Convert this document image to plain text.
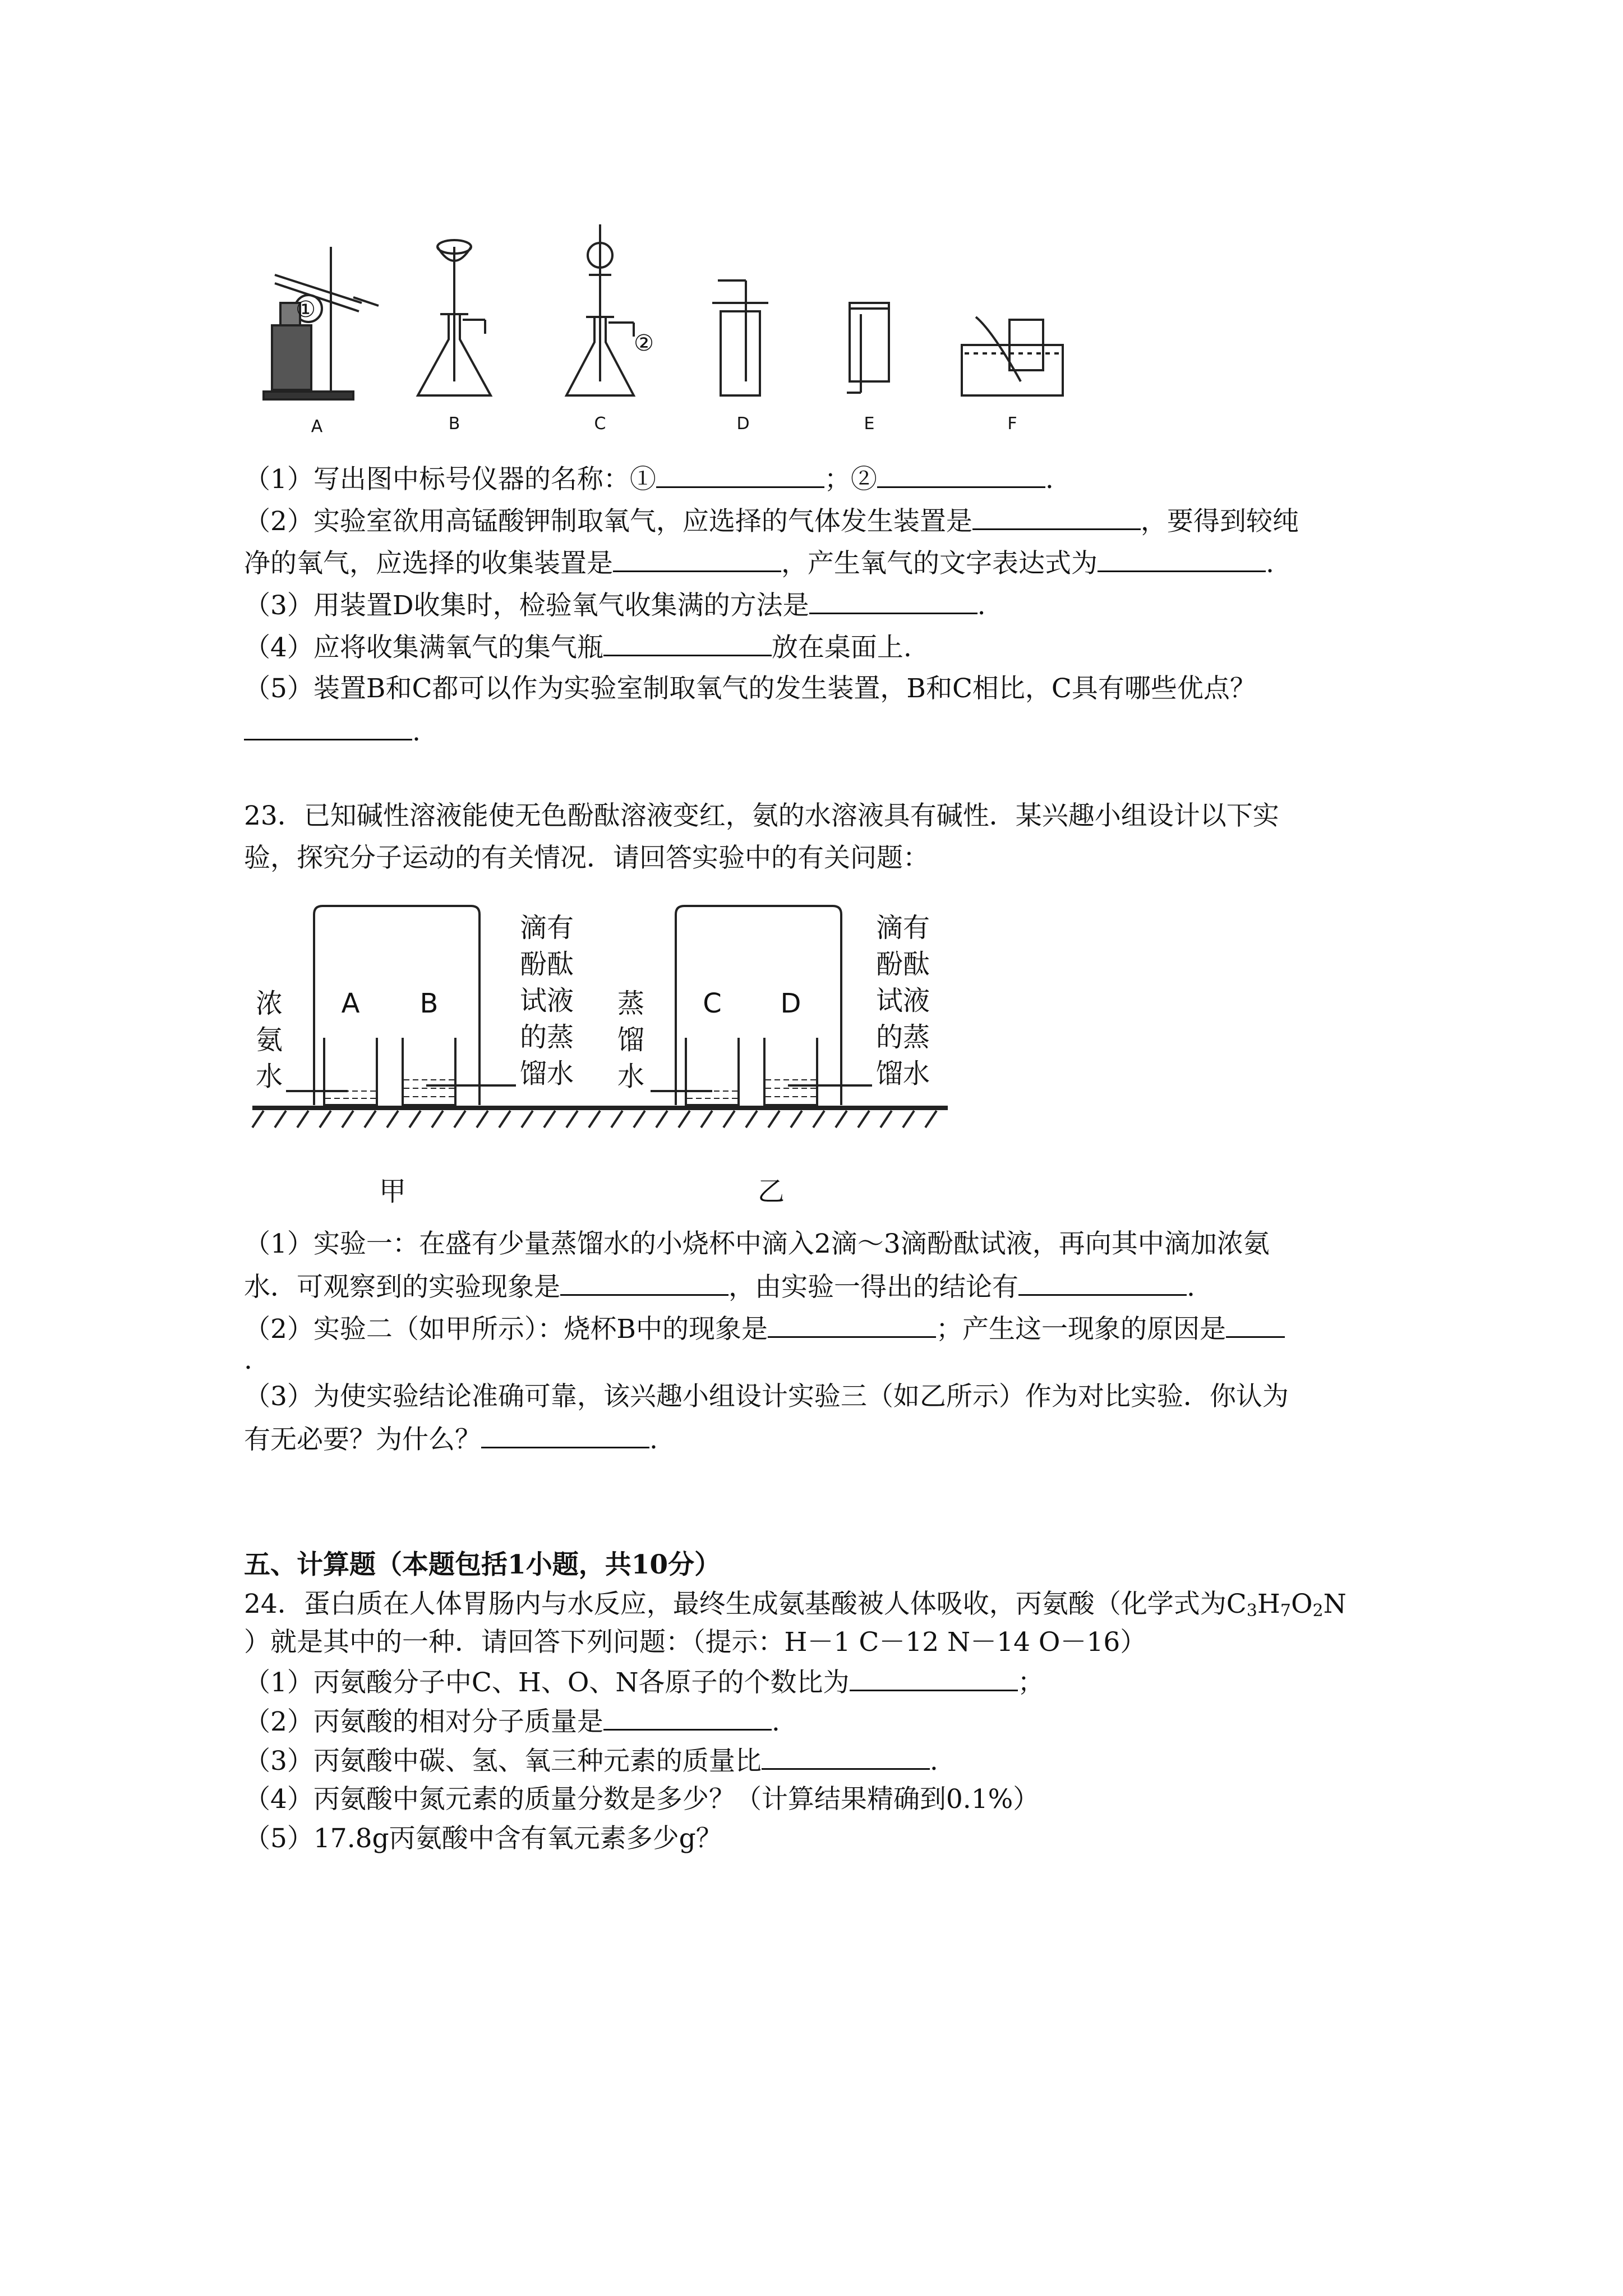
①
②
A	B	C	D	E	F
（1）写出图中标号仪器的名称：①	；②	.
（2）实验室欲用高锰酸钾制取氧气，应选择的气体发生装置是	，要得到较纯
净的氧气，应选择的收集装置是	，产生氧气的文字表达式为	.
（3）用装置D收集时，检验氧气收集满的方法是	.
（4）应将收集满氧气的集气瓶	放在桌面上.
（5）装置B和C都可以作为实验室制取氧气的发生装置，B和C相比，C具有哪些优点？
.
23．已知碱性溶液能使无色酚酞溶液变红，氨的水溶液具有碱性．某兴趣小组设计以下实
验，探究分子运动的有关情况．请回答实验中的有关问题：
浓
氨
水
A B
滴有
酚酞
试液
的蒸
馏水
蒸
馏
水
C D
滴有
酚酞
试液
的蒸
馏水
甲	乙
（1）实验一：在盛有少量蒸馏水的小烧杯中滴入2滴～3滴酚酞试液，再向其中滴加浓氨
水．可观察到的实验现象是	，由实验一得出的结论有	.
（2）实验二（如甲所示）：烧杯B中的现象是	；产生这一现象的原因是
.
（3）为使实验结论准确可靠，该兴趣小组设计实验三（如乙所示）作为对比实验．你认为
有无必要？为什么？	.
五、计算题（本题包括1小题，共10分）
24．蛋白质在人体胃肠内与水反应，最终生成氨基酸被人体吸收，丙氨酸（化学式为$C_3H_7O_2N$
）就是其中的一种．请回答下列问题：（提示：H－1 C－12 N－14 O－16）
（1）丙氨酸分子中C、H、O、N各原子的个数比为	；
（2）丙氨酸的相对分子质量是	.
（3）丙氨酸中碳、氢、氧三种元素的质量比	.
（4）丙氨酸中氮元素的质量分数是多少？（计算结果精确到0.1%）
（5）17.8g丙氨酸中含有氧元素多少g？
